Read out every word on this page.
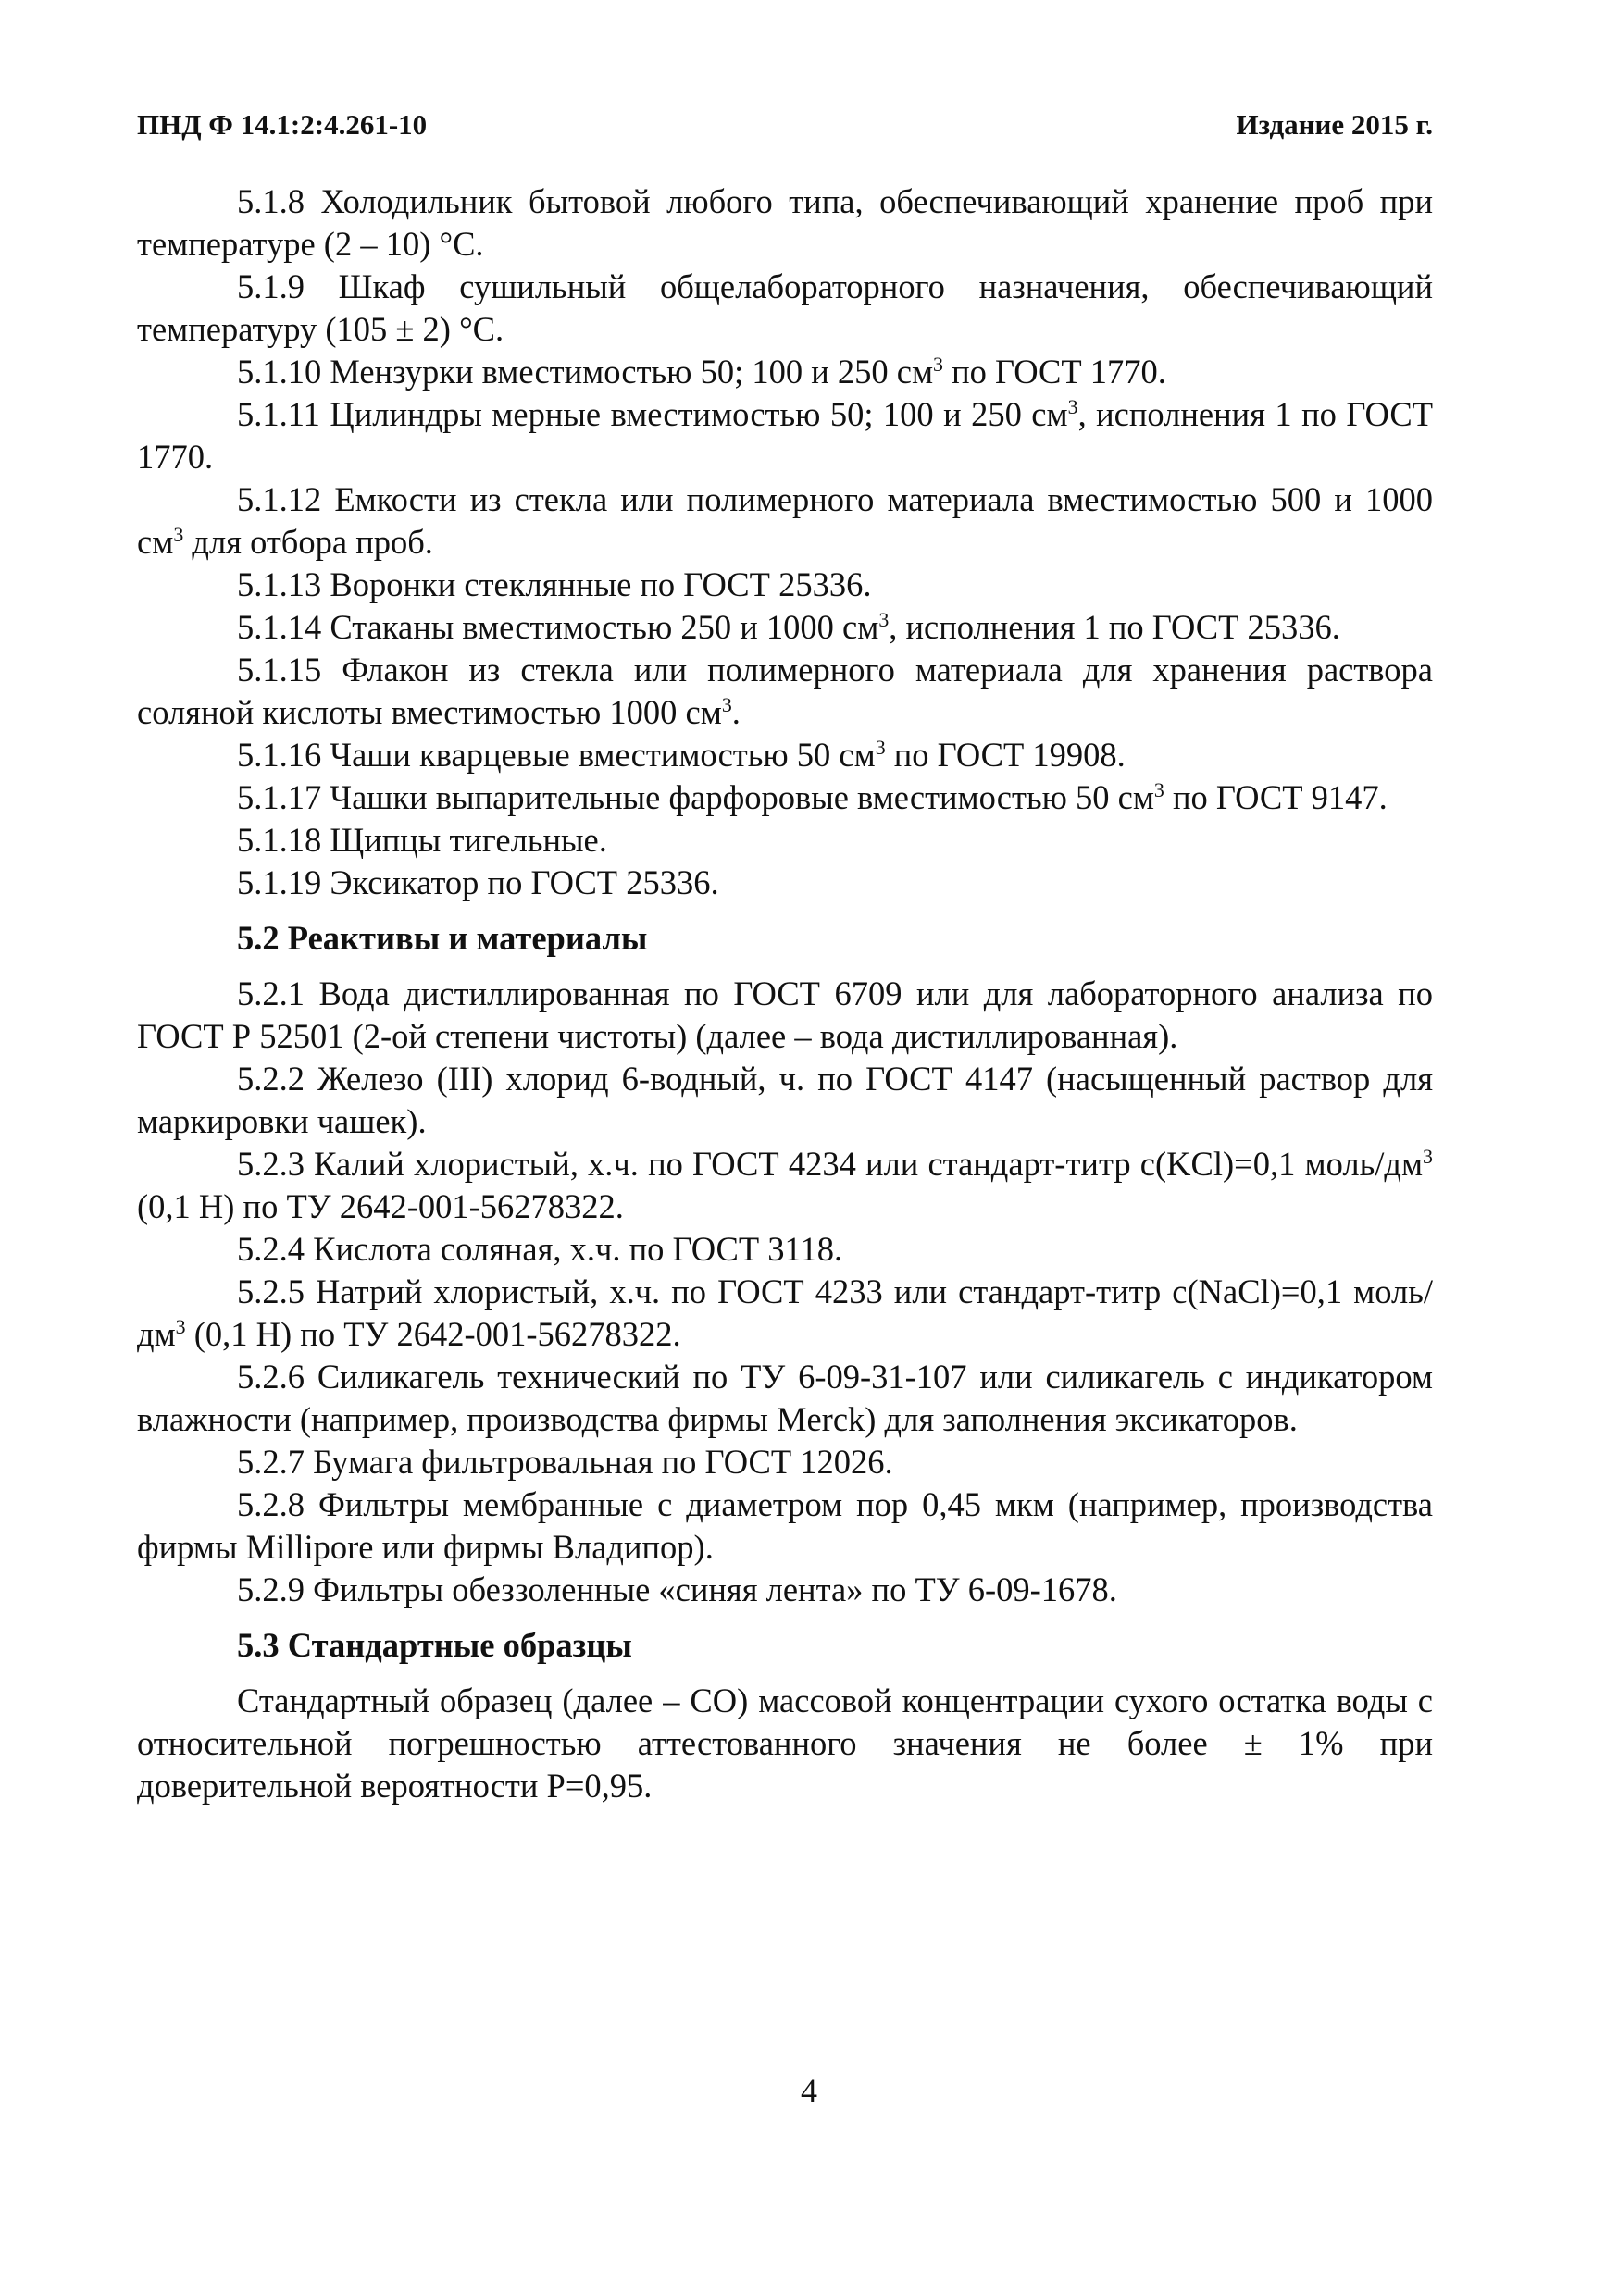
ПНД Ф 14.1:2:4.261-10	Издание 2015 г.

5.1.8 Холодильник бытовой любого типа, обеспечивающий хранение проб при температуре (2 – 10) °С.

5.1.9 Шкаф сушильный общелабораторного назначения, обеспечивающий температуру (105 ± 2) °С.

5.1.10 Мензурки вместимостью 50; 100 и 250 $см^3$ по ГОСТ 1770.

5.1.11 Цилиндры мерные вместимостью 50; 100 и 250 $см^3$, исполнения 1 по ГОСТ 1770.

5.1.12 Емкости из стекла или полимерного материала вместимостью 500 и 1000 $см^3$ для отбора проб.

5.1.13 Воронки стеклянные по ГОСТ 25336.

5.1.14 Стаканы вместимостью 250 и 1000 $см^3$, исполнения 1 по ГОСТ 25336.

5.1.15 Флакон из стекла или полимерного материала для хранения раствора соляной кислоты вместимостью 1000 $см^3$.

5.1.16 Чаши кварцевые вместимостью 50 $см^3$ по ГОСТ 19908.

5.1.17 Чашки выпарительные фарфоровые вместимостью 50 $см^3$ по ГОСТ 9147.

5.1.18 Щипцы тигельные.

5.1.19 Эксикатор по ГОСТ 25336.

5.2 Реактивы и материалы

5.2.1 Вода дистиллированная по ГОСТ 6709 или для лабораторного анализа по ГОСТ Р 52501 (2-ой степени чистоты) (далее – вода дистиллированная).

5.2.2 Железо (III) хлорид 6-водный, ч. по ГОСТ 4147 (насыщенный раствор для маркировки чашек).

5.2.3 Калий хлористый, х.ч. по ГОСТ 4234 или стандарт-титр с(KCl)=0,1 моль/$дм^3$ (0,1 Н) по ТУ 2642-001-56278322.

5.2.4 Кислота соляная, х.ч. по ГОСТ 3118.

5.2.5 Натрий хлористый, х.ч. по ГОСТ 4233 или стандарт-титр с(NaCl)=0,1 моль/$дм^3$ (0,1 Н) по ТУ 2642-001-56278322.

5.2.6 Силикагель технический по ТУ 6-09-31-107 или силикагель с индикатором влажности (например, производства фирмы Merck) для заполнения эксикаторов.

5.2.7 Бумага фильтровальная по ГОСТ 12026.

5.2.8 Фильтры мембранные с диаметром пор 0,45 мкм (например, производства фирмы Millipore или фирмы Владипор).

5.2.9 Фильтры обеззоленные «синяя лента» по ТУ 6-09-1678.

5.3 Стандартные образцы

Стандартный образец (далее – СО) массовой концентрации сухого остатка воды с относительной погрешностью аттестованного значения не более ± 1% при доверительной вероятности Р=0,95.

4
